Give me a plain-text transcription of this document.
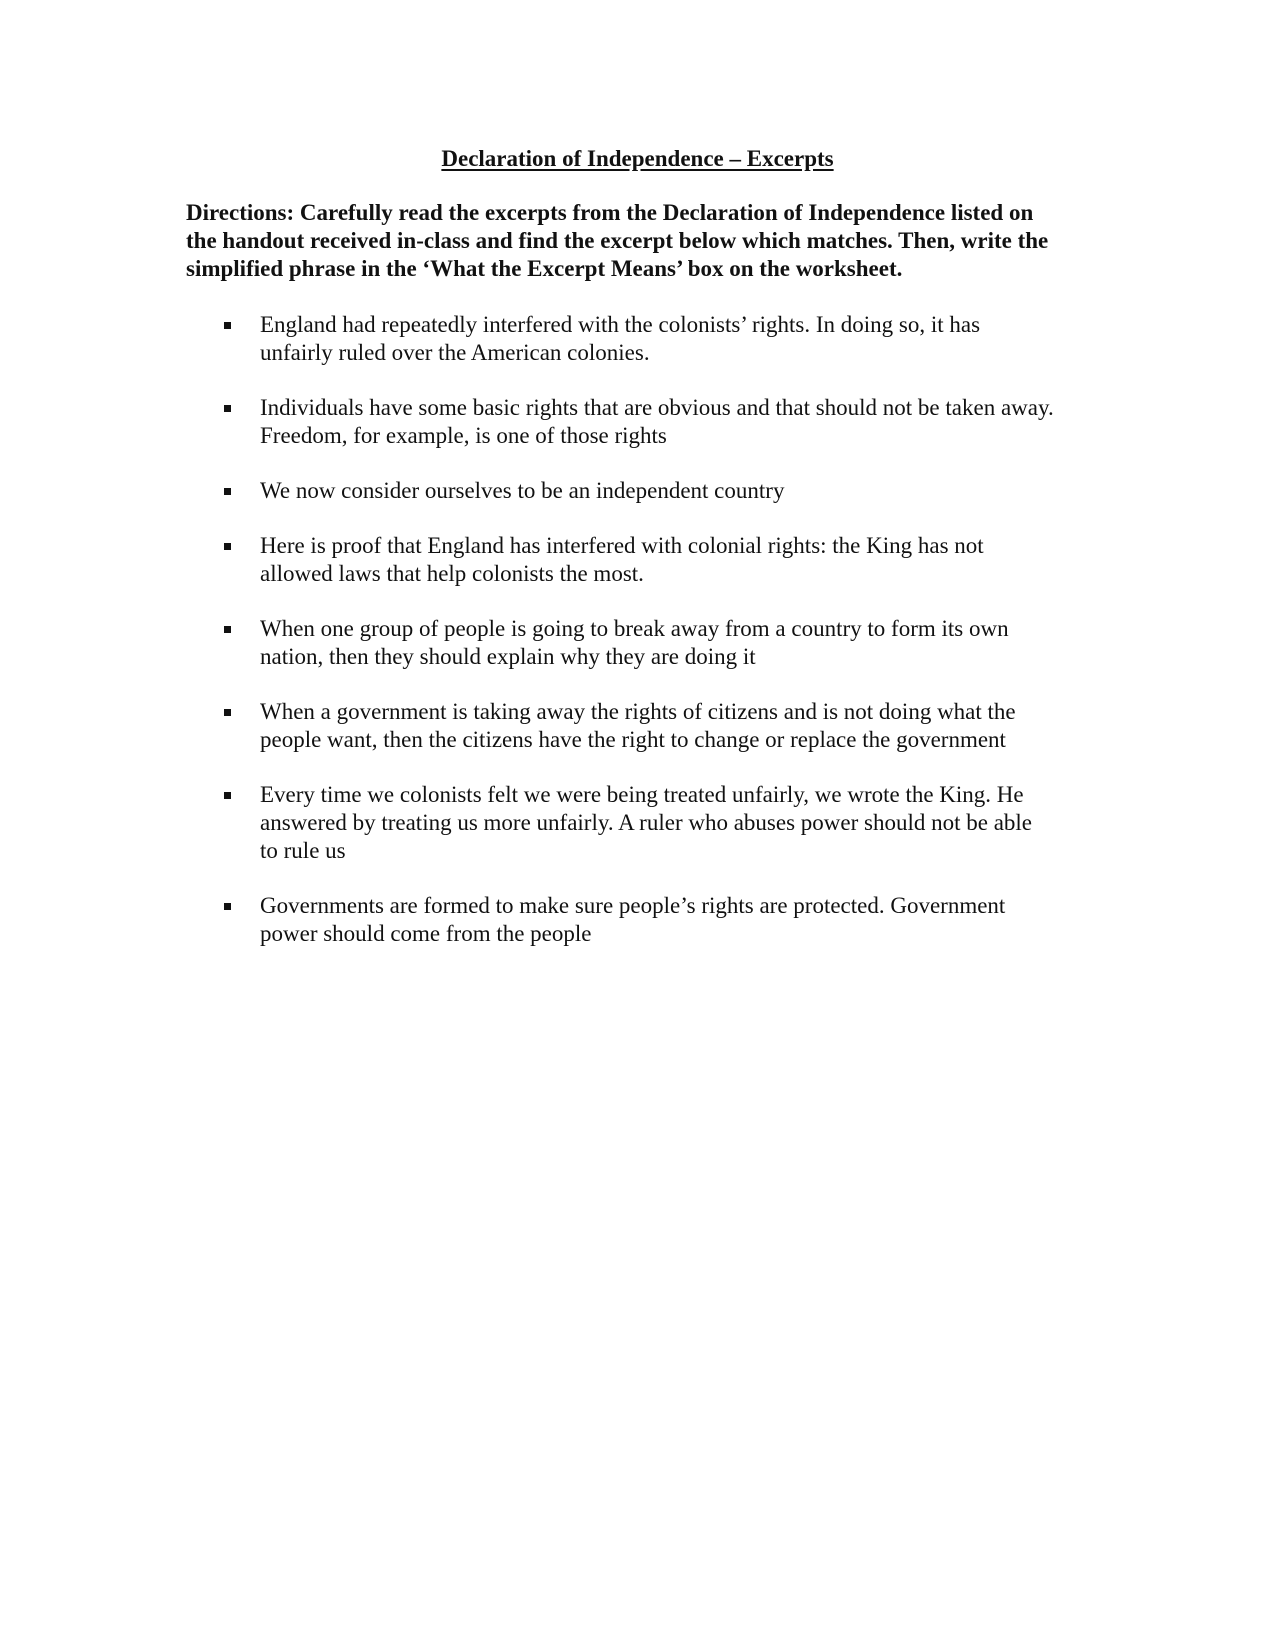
Declaration of Independence – Excerpts

Directions: Carefully read the excerpts from the Declaration of Independence listed on the handout received in-class and find the excerpt below which matches. Then, write the simplified phrase in the ‘What the Excerpt Means’ box on the worksheet.

England had repeatedly interfered with the colonists’ rights. In doing so, it has unfairly ruled over the American colonies.
Individuals have some basic rights that are obvious and that should not be taken away. Freedom, for example, is one of those rights
We now consider ourselves to be an independent country
Here is proof that England has interfered with colonial rights: the King has not allowed laws that help colonists the most.
When one group of people is going to break away from a country to form its own nation, then they should explain why they are doing it
When a government is taking away the rights of citizens and is not doing what the people want, then the citizens have the right to change or replace the government
Every time we colonists felt we were being treated unfairly, we wrote the King. He answered by treating us more unfairly. A ruler who abuses power should not be able to rule us
Governments are formed to make sure people’s rights are protected. Government power should come from the people
